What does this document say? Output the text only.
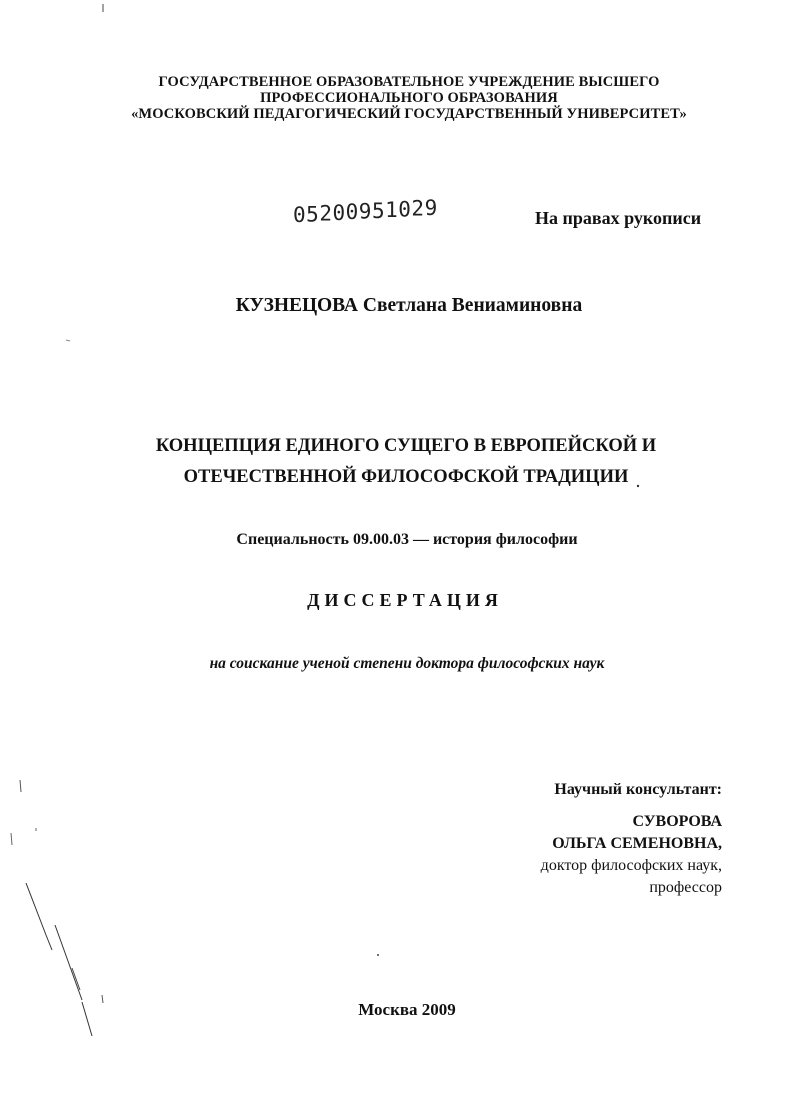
ГОСУДАРСТВЕННОЕ ОБРАЗОВАТЕЛЬНОЕ УЧРЕЖДЕНИЕ ВЫСШЕГО
ПРОФЕССИОНАЛЬНОГО ОБРАЗОВАНИЯ
«МОСКОВСКИЙ ПЕДАГОГИЧЕСКИЙ ГОСУДАРСТВЕННЫЙ УНИВЕРСИТЕТ»
05200951029	На правах рукописи
КУЗНЕЦОВА Светлана Вениаминовна
КОНЦЕПЦИЯ ЕДИНОГО СУЩЕГО В ЕВРОПЕЙСКОЙ И
ОТЕЧЕСТВЕННОЙ ФИЛОСОФСКОЙ ТРАДИЦИИ
Специальность 09.00.03 — история философии
ДИССЕРТАЦИЯ
на соискание ученой степени доктора философских наук
Научный консультант:
СУВОРОВА
ОЛЬГА СЕМЕНОВНА,
доктор философских наук,
профессор
Москва 2009
